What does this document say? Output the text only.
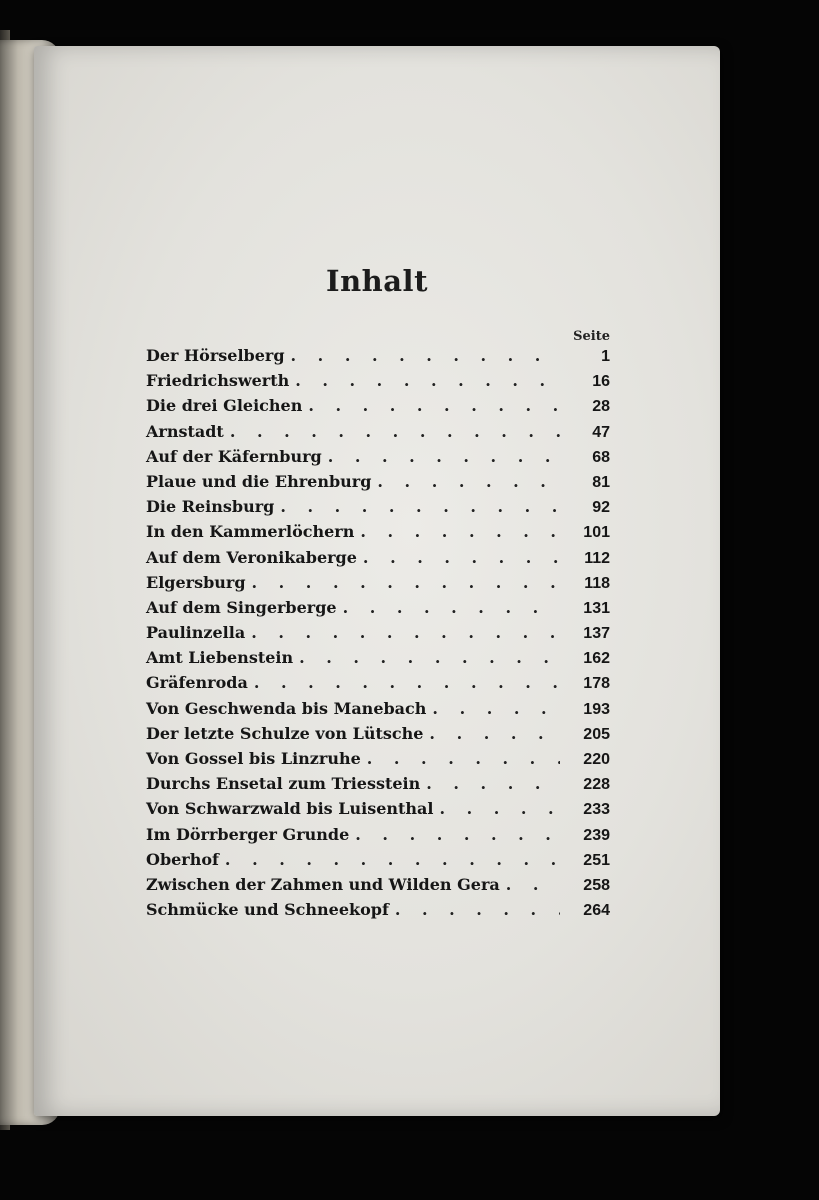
Inhalt
Seite
Der Hörselberg . . .	1
Friedrichswerth . . .	16
Die drei Gleichen . . .	28
Arnstadt . . .	47
Auf der Käfernburg . . .	68
Plaue und die Ehrenburg . . .	81
Die Reinsburg . . .	92
In den Kammerlöchern . . .	101
Auf dem Veronikaberge . . .	112
Elgersburg . . .	118
Auf dem Singerberge . . .	131
Paulinzella . . .	137
Amt Liebenstein . . .	162
Gräfenroda . . .	178
Von Geschwenda bis Manebach . . .	193
Der letzte Schulze von Lütsche . . .	205
Von Gossel bis Linzruhe . . .	220
Durchs Ensetal zum Triesstein . . .	228
Von Schwarzwald bis Luisenthal . . .	233
Im Dörrberger Grunde . . .	239
Oberhof . . .	251
Zwischen der Zahmen und Wilden Gera . . .	258
Schmücke und Schneekopf . . .	264
